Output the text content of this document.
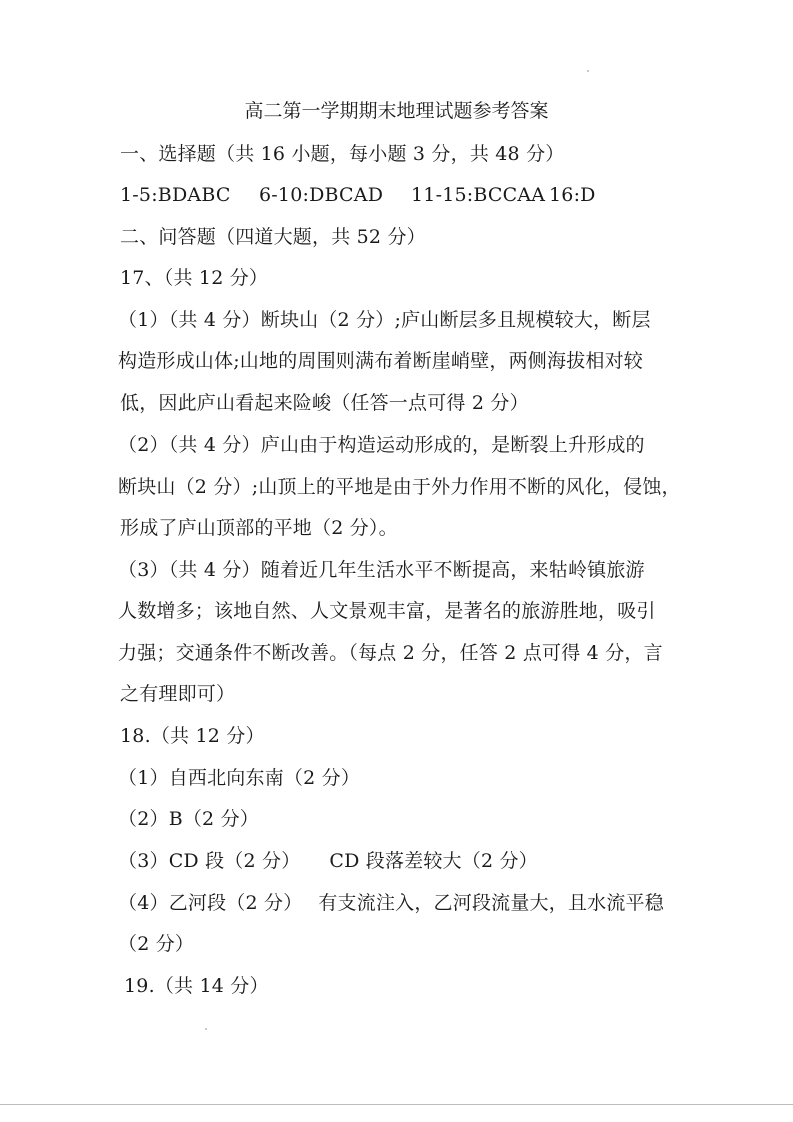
高二第一学期期末地理试题参考答案
一、选择题（共 16 小题，每小题 3 分，共 48 分）
1-5:BDABC 6-10:DBCAD 11-15:BCCAA 16:D
二、问答题（四道大题，共 52 分）
17、（共 12 分）
（1）（共 4 分）断块山（2 分）;庐山断层多且规模较大，断层
构造形成山体;山地的周围则满布着断崖峭壁，两侧海拔相对较
低，因此庐山看起来险峻（任答一点可得 2 分）
（2）（共 4 分）庐山由于构造运动形成的，是断裂上升形成的
断块山（2 分）;山顶上的平地是由于外力作用不断的风化，侵蚀，
形成了庐山顶部的平地（2 分）。
（3）（共 4 分）随着近几年生活水平不断提高，来牯岭镇旅游
人数增多；该地自然、人文景观丰富，是著名的旅游胜地，吸引
力强；交通条件不断改善。（每点 2 分，任答 2 点可得 4 分，言
之有理即可）
18.（共 12 分）
（1）自西北向东南（2 分）
（2）B（2 分）
（3）CD 段（2 分）　　CD 段落差较大（2 分）
（4）乙河段（2 分）　 有支流注入，乙河段流量大，且水流平稳
（2 分）
19.（共 14 分）
